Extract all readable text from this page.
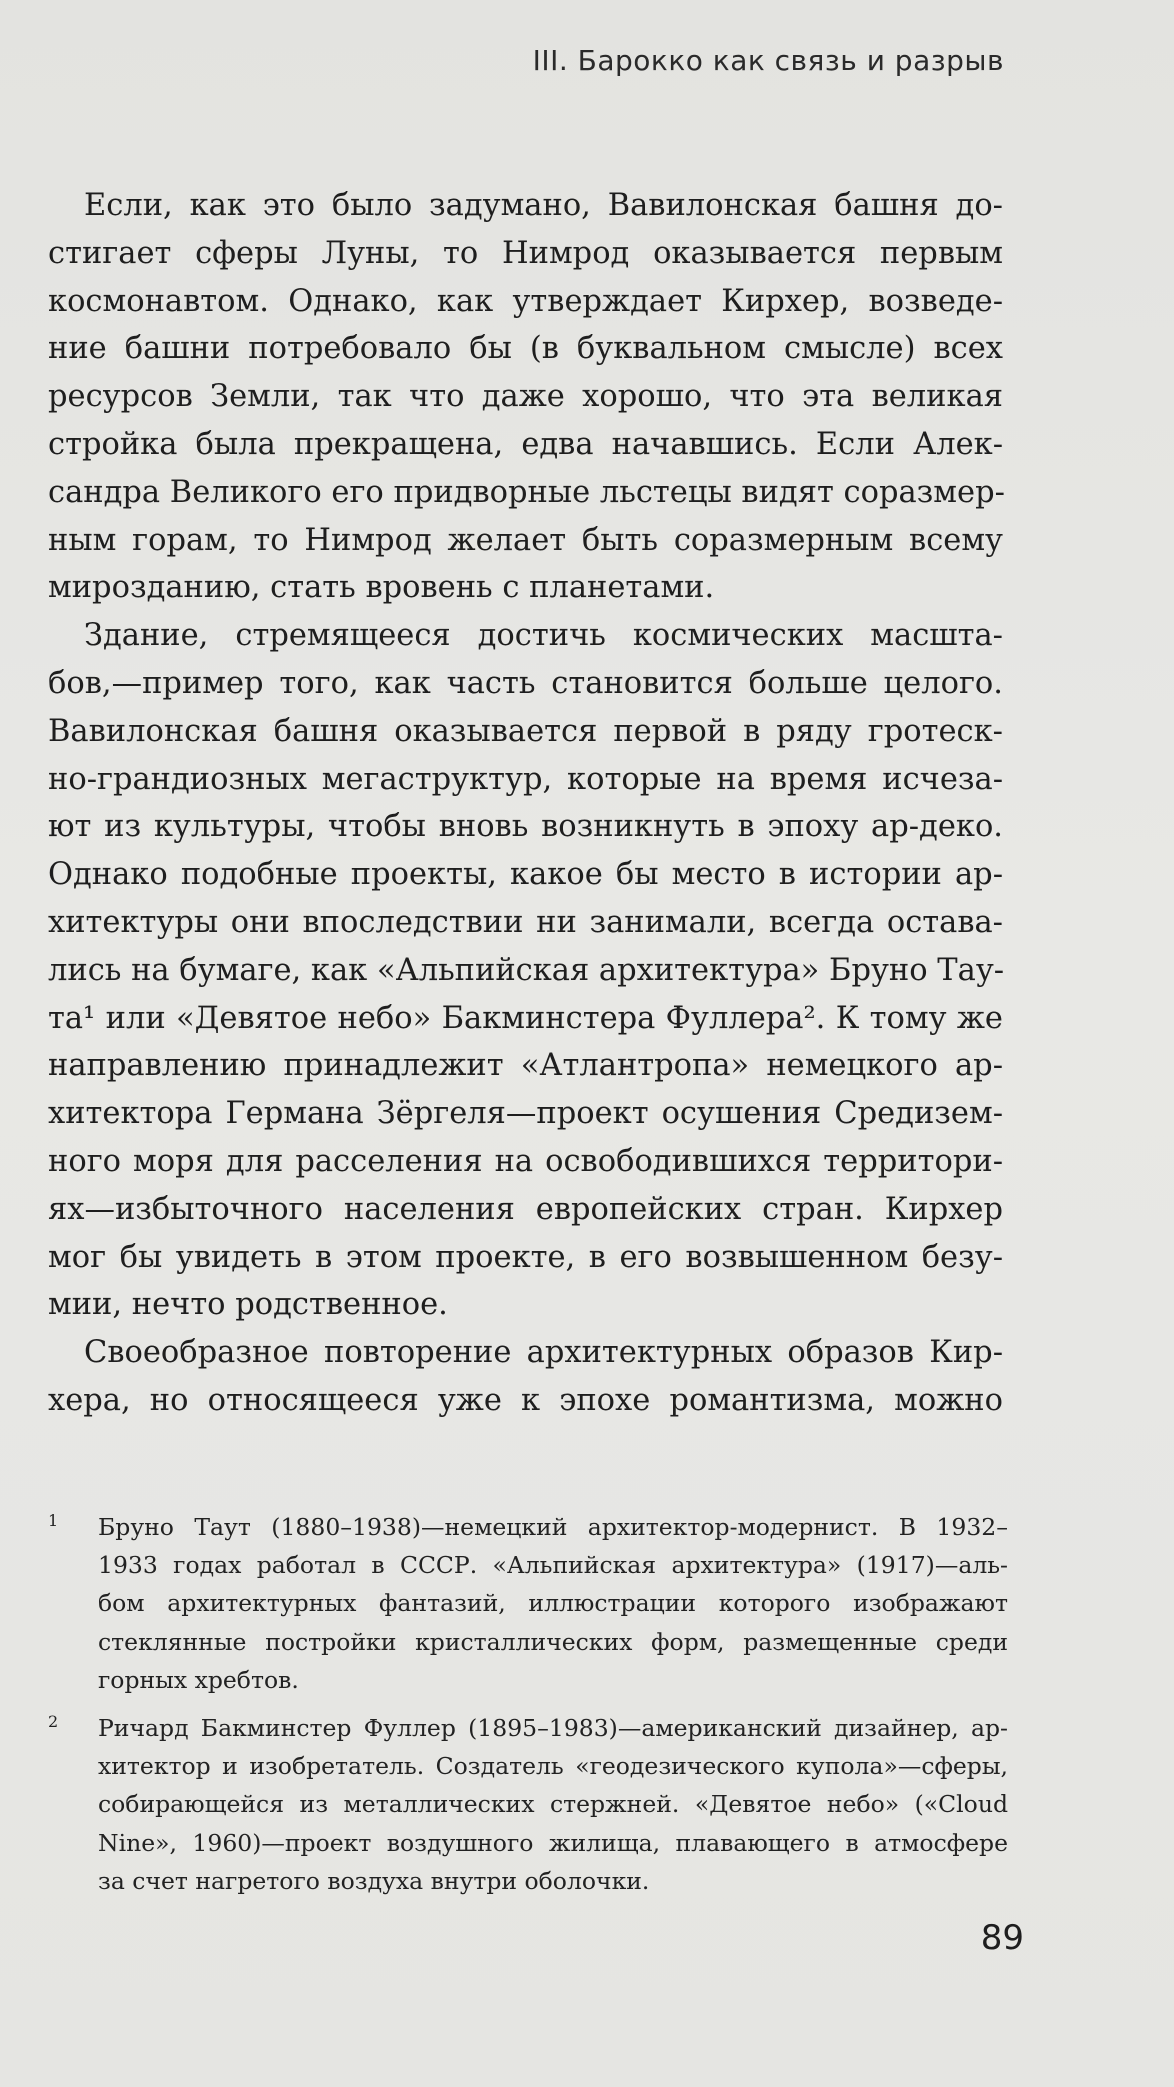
III. Барокко как связь и разрыв
Если, как это было задумано, Вавилонская башня до-
стигает сферы Луны, то Нимрод оказывается первым
космонавтом. Однако, как утверждает Кирхер, возведе-
ние башни потребовало бы (в буквальном смысле) всех
ресурсов Земли, так что даже хорошо, что эта великая
стройка была прекращена, едва начавшись. Если Алек-
сандра Великого его придворные льстецы видят соразмер-
ным горам, то Нимрод желает быть соразмерным всему
мирозданию, стать вровень с планетами.
Здание, стремящееся достичь космических масшта-
бов,—пример того, как часть становится больше целого.
Вавилонская башня оказывается первой в ряду гротеск-
но-грандиозных мегаструктур, которые на время исчеза-
ют из культуры, чтобы вновь возникнуть в эпоху ар-деко.
Однако подобные проекты, какое бы место в истории ар-
хитектуры они впоследствии ни занимали, всегда остава-
лись на бумаге, как «Альпийская архитектура» Бруно Тау-
та¹ или «Девятое небо» Бакминстера Фуллера². К тому же
направлению принадлежит «Атлантропа» немецкого ар-
хитектора Германа Зёргеля—проект осушения Средизем-
ного моря для расселения на освободившихся территори-
ях—избыточного населения европейских стран. Кирхер
мог бы увидеть в этом проекте, в его возвышенном безу-
мии, нечто родственное.
Своеобразное повторение архитектурных образов Кир-
хера, но относящееся уже к эпохе романтизма, можно
1 Бруно Таут (1880–1938)—немецкий архитектор-модернист. В 1932–
1933 годах работал в СССР. «Альпийская архитектура» (1917)—аль-
бом архитектурных фантазий, иллюстрации которого изображают
стеклянные постройки кристаллических форм, размещенные среди
горных хребтов.
2 Ричард Бакминстер Фуллер (1895–1983)—американский дизайнер, ар-
хитектор и изобретатель. Создатель «геодезического купола»—сферы,
собирающейся из металлических стержней. «Девятое небо» («Cloud
Nine», 1960)—проект воздушного жилища, плавающего в атмосфере
за счет нагретого воздуха внутри оболочки.
89
